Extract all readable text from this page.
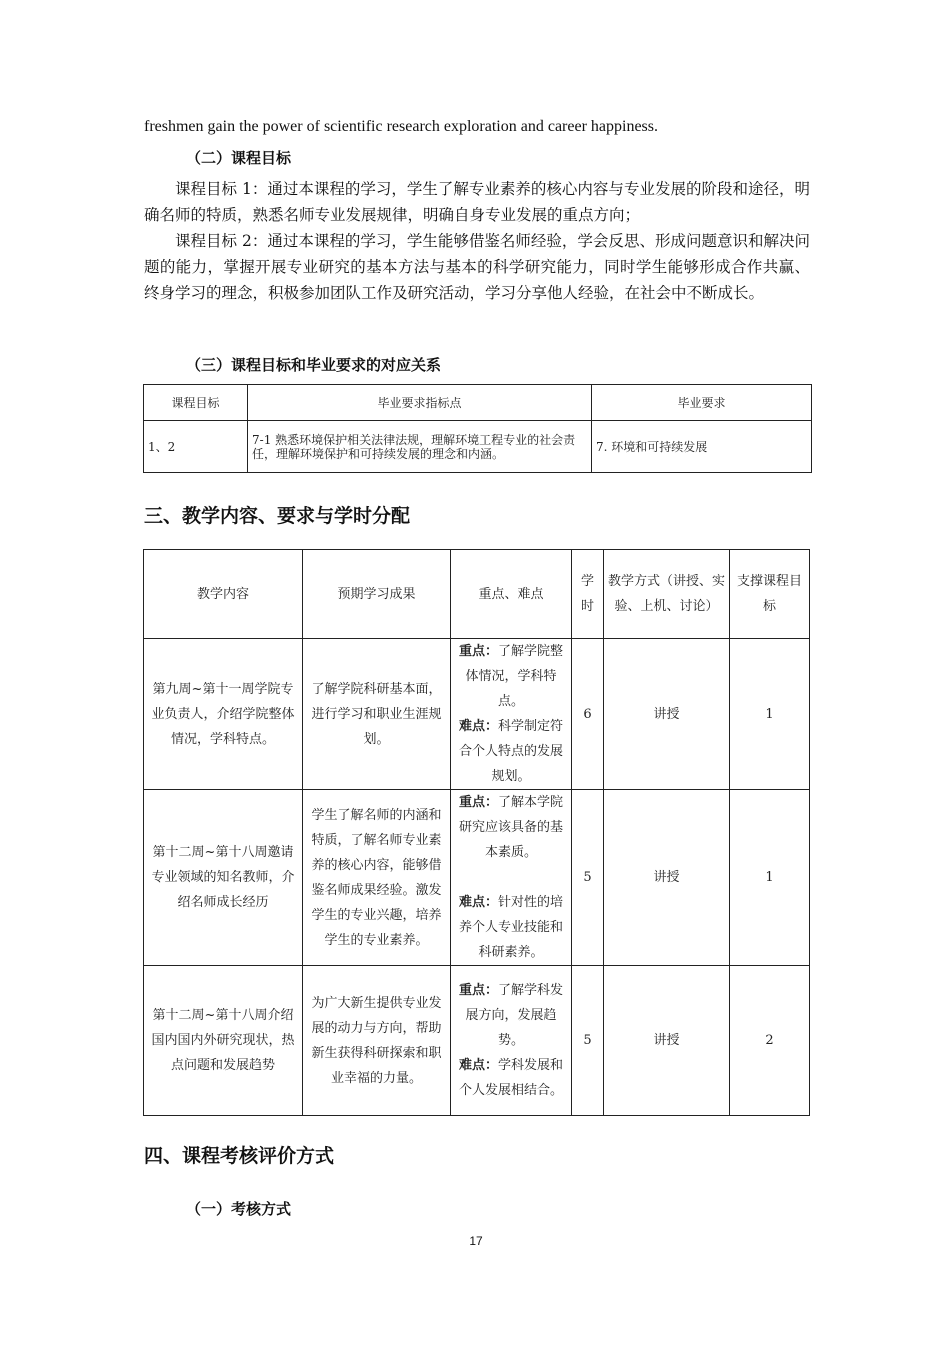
freshmen gain the power of scientific research exploration and career happiness.
（二）课程目标

课程目标 1：通过本课程的学习，学生了解专业素养的核心内容与专业发展的阶段和途径，明确名师的特质，熟悉名师专业发展规律，明确自身专业发展的重点方向；

课程目标 2：通过本课程的学习，学生能够借鉴名师经验，学会反思、形成问题意识和解决问题的能力，掌握开展专业研究的基本方法与基本的科学研究能力，同时学生能够形成合作共赢、终身学习的理念，积极参加团队工作及研究活动，学习分享他人经验，在社会中不断成长。

（三）课程目标和毕业要求的对应关系
课程目标	毕业要求指标点	毕业要求
1、2	7-1 熟悉环境保护相关法律法规，理解环境工程专业的社会责任，理解环境保护和可持续发展的理念和内涵。	7. 环境和可持续发展
三、教学内容、要求与学时分配
教学内容	预期学习成果	重点、难点	学时	教学方式（讲授、实验、上机、讨论）	支撑课程目标
第九周~第十一周学院专业负责人，介绍学院整体情况，学科特点。	了解学院科研基本面，进行学习和职业生涯规划。	重点：了解学院整体情况，学科特点。
难点：科学制定符合个人特点的发展规划。	6	讲授	1
第十二周~第十八周邀请专业领域的知名教师，介绍名师成长经历	学生了解名师的内涵和特质，了解名师专业素养的核心内容，能够借鉴名师成果经验。激发学生的专业兴趣，培养学生的专业素养。	重点：了解本学院研究应该具备的基本素质。

难点：针对性的培养个人专业技能和科研素养。	5	讲授	1
第十二周~第十八周介绍国内国内外研究现状，热点问题和发展趋势	为广大新生提供专业发展的动力与方向，帮助新生获得科研探索和职业幸福的力量。	重点：了解学科发展方向，发展趋势。
难点：学科发展和个人发展相结合。	5	讲授	2
四、课程考核评价方式
（一）考核方式
17
